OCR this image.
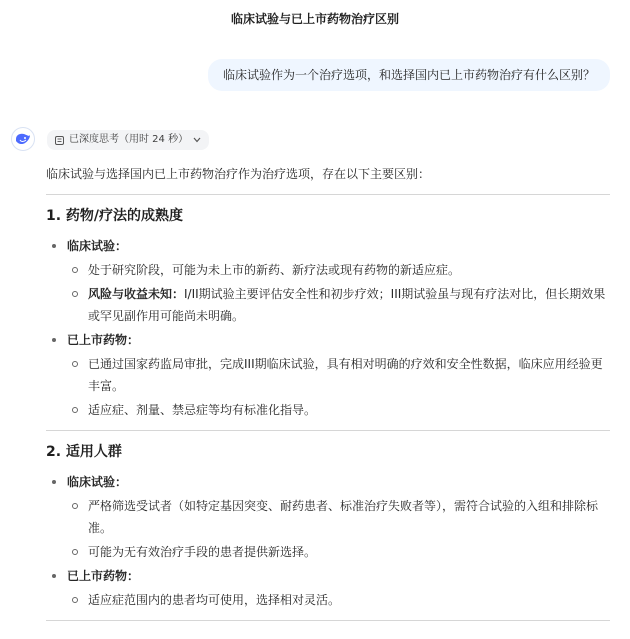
临床试验与已上市药物治疗区别
临床试验作为一个治疗选项，和选择国内已上市药物治疗有什么区别？
已深度思考（用时 24 秒）

临床试验与选择国内已上市药物治疗作为治疗选项，存在以下主要区别：

1. 药物/疗法的成熟度
临床试验：
处于研究阶段，可能为未上市的新药、新疗法或现有药物的新适应症。
风险与收益未知：I/II期试验主要评估安全性和初步疗效；III期试验虽与现有疗法对比，但长期效果或罕见副作用可能尚未明确。
已上市药物：
已通过国家药监局审批，完成III期临床试验，具有相对明确的疗效和安全性数据，临床应用经验更丰富。
适应症、剂量、禁忌症等均有标准化指导。
2. 适用人群
临床试验：
严格筛选受试者（如特定基因突变、耐药患者、标准治疗失败者等），需符合试验的入组和排除标准。
可能为无有效治疗手段的患者提供新选择。
已上市药物：
适应症范围内的患者均可使用，选择相对灵活。
